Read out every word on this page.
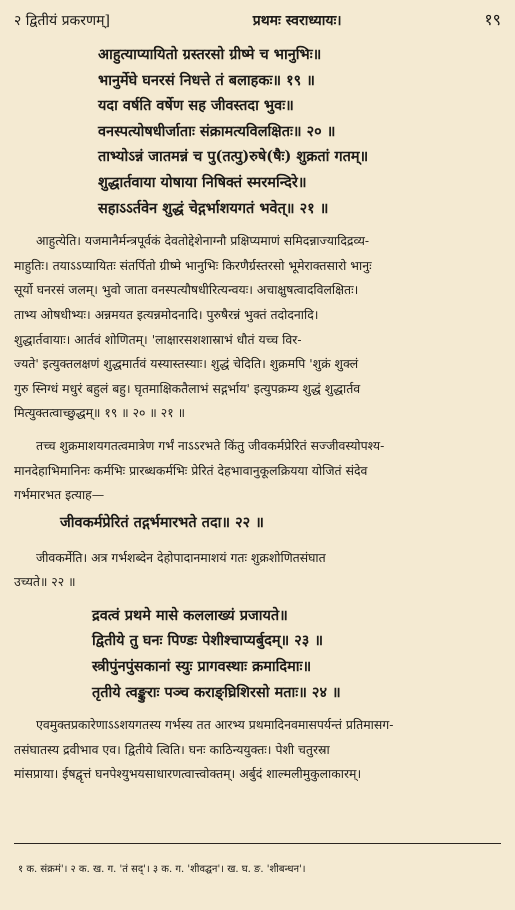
२ द्वितीयं प्रकरणम्]	प्रथमः स्वराध्यायः।	१९
आहुत्याप्यायितो ग्रस्तरसो ग्रीष्मे च भानुभिः॥
भानुर्मेघे घनरसं निधत्ते तं बलाहकः॥ १९ ॥
यदा वर्षति वर्षेण सह जीवस्तदा भुवः॥
वनस्पत्योषधीर्जाताः संक्रामत्यविलक्षितः॥ २० ॥
ताभ्योऽन्नं जातमन्नं च पु(तत्पु)रुषे(षैः) शुक्रतां गतम्॥
शुद्धार्तवाया योषाया निषिक्तं स्मरमन्दिरे॥
सहाऽऽर्तवेन शुद्धं चेद्गर्भाशयगतं भवेत्॥ २१ ॥
आहुत्येति। यजमानैर्मन्त्रपूर्वकं देवतोद्देशेनाग्नौ प्रक्षिप्यमाणं समिदन्नाज्यादिद्रव्य-
माहुतिः। तयाऽऽप्यायितः संतर्पितो ग्रीष्मे भानुभिः किरणैर्ग्रस्तरसो भूमेराक्तसारो भानुः
सूर्यो घनरसं जलम्। भुवो जाता वनस्पत्यौषधीरित्यन्वयः। अचाक्षुषत्वादविलक्षितः।
ताभ्य ओषधीभ्यः। अन्नमयत इत्यन्नमोदनादि। पुरुषैरन्नं भुक्तं तदोदनादि।
शुद्धार्तवायाः। आर्तवं शोणितम्। 'लाक्षारसशशास्राभं धौतं यच्च विर-
ज्यते' इत्युक्तलक्षणं शुद्धमार्तवं यस्यास्तस्याः। शुद्धं चेदिति। शुक्रमपि 'शुक्रं शुक्लं
गुरु स्निग्धं मधुरं बहुलं बहु। घृतमाक्षिकतैलाभं सद्गर्भाय' इत्युपक्रम्य शुद्धं शुद्धार्तव
मित्युक्तत्वाच्छुद्धम्॥ १९ ॥ २० ॥ २१ ॥
तच्च शुक्रमाशयगतत्वमात्रेण गर्भं नाऽऽरभते किंतु जीवकर्मप्रेरितं सज्जीवस्योपश्य-
मानदेहाभिमानिनः कर्मभिः प्रारब्धकर्मभिः प्रेरितं देहभावानुकूलक्रियया योजितं संदेव
गर्भमारभत इत्याह—
जीवकर्मप्रेरितं तद्गर्भमारभते तदा॥ २२ ॥
जीवकर्मेति। अत्र गर्भशब्देन देहोपादानमाशयं गतः शुक्रशोणितसंघात
उच्यते॥ २२ ॥
द्रवत्वं प्रथमे मासे कललाख्यं प्रजायते॥
द्वितीये तु घनः पिण्डः पेशीश्चाप्यर्बुदम्॥ २३ ॥
स्त्रीपुंनपुंसकानां स्युः प्रागवस्थाः क्रमादिमाः॥
तृतीये त्वङ्कुराः पञ्च कराङ्घ्रिशिरसो मताः॥ २४ ॥
एवमुक्तप्रकारेणाऽऽशयगतस्य गर्भस्य तत आरभ्य प्रथमादिनवमासपर्यन्तं प्रतिमासग-
तसंघातस्य द्रवीभाव एव। द्वितीये त्विति। घनः काठिन्ययुक्तः। पेशी चतुरस्रा
मांसप्राया। ईषद्वृत्तं घनपेश्युभयसाधारणत्वात्त्वोक्तम्। अर्बुदं शाल्मलीमुकुलाकारम्।
१ क. संक्रमं'। २ क. ख. ग. 'तं सद्'। ३ क. ग. 'शीवद्घन'। ख. घ. ङ. 'शीबन्धन'।
